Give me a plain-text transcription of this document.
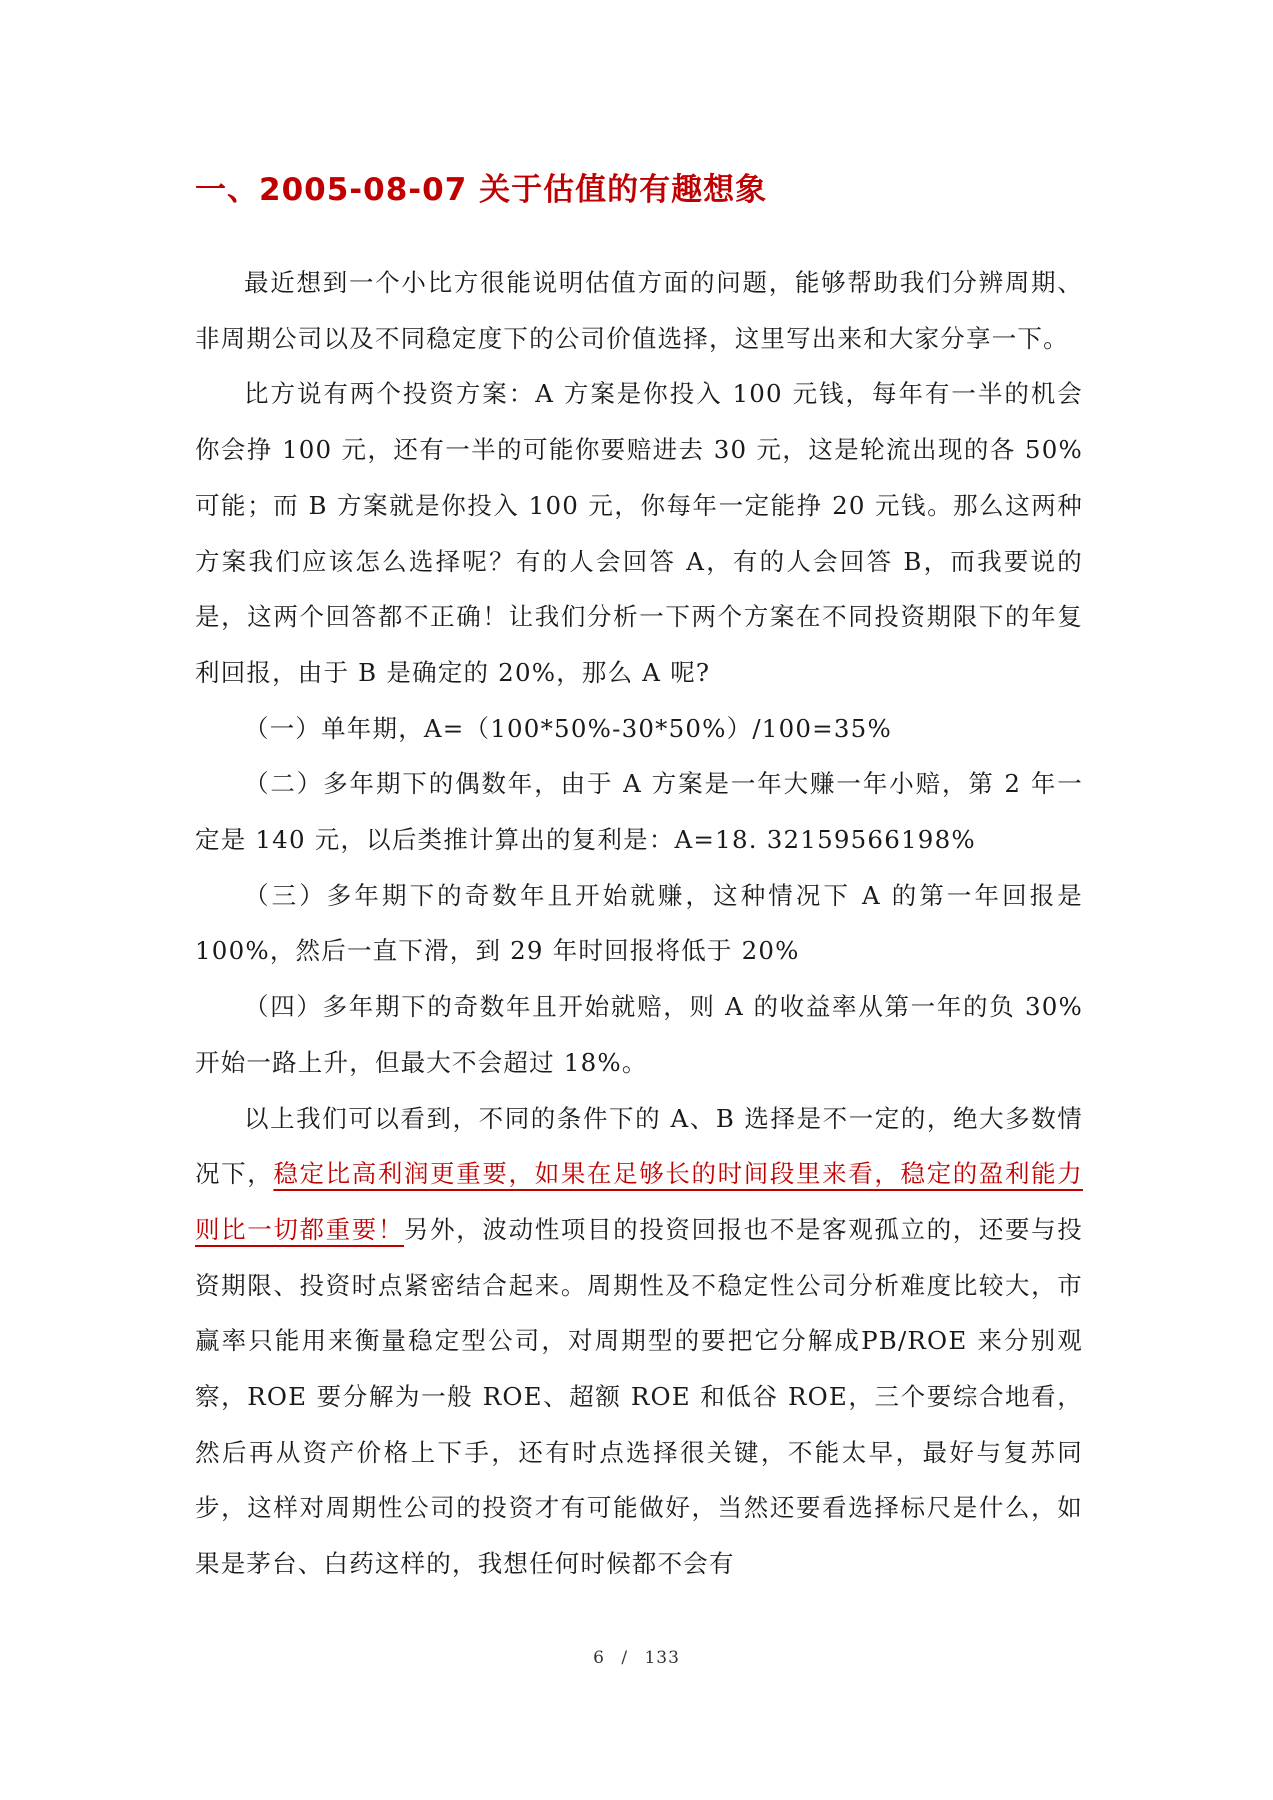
一、2005-08-07 关于估值的有趣想象

最近想到一个小比方很能说明估值方面的问题，能够帮助我们分辨周期、非周期公司以及不同稳定度下的公司价值选择，这里写出来和大家分享一下。

比方说有两个投资方案：A 方案是你投入 100 元钱，每年有一半的机会你会挣 100 元，还有一半的可能你要赔进去 30 元，这是轮流出现的各 50%可能；而 B 方案就是你投入 100 元，你每年一定能挣 20 元钱。那么这两种方案我们应该怎么选择呢？有的人会回答 A，有的人会回答 B，而我要说的是，这两个回答都不正确！让我们分析一下两个方案在不同投资期限下的年复利回报，由于 B 是确定的 20%，那么 A 呢?

（一）单年期，A=（100*50%-30*50%）/100=35%

（二）多年期下的偶数年，由于 A 方案是一年大赚一年小赔，第 2 年一定是 140 元，以后类推计算出的复利是：A=18. 32159566198%

（三）多年期下的奇数年且开始就赚，这种情况下 A 的第一年回报是 100%，然后一直下滑，到 29 年时回报将低于 20%

（四）多年期下的奇数年且开始就赔，则 A 的收益率从第一年的负 30%开始一路上升，但最大不会超过 18%。

以上我们可以看到，不同的条件下的 A、B 选择是不一定的，绝大多数情况下，稳定比高利润更重要，如果在足够长的时间段里来看，稳定的盈利能力则比一切都重要！另外，波动性项目的投资回报也不是客观孤立的，还要与投资期限、投资时点紧密结合起来。周期性及不稳定性公司分析难度比较大，市赢率只能用来衡量稳定型公司，对周期型的要把它分解成PB/ROE 来分别观察，ROE 要分解为一般 ROE、超额 ROE 和低谷 ROE，三个要综合地看，然后再从资产价格上下手，还有时点选择很关键，不能太早，最好与复苏同步，这样对周期性公司的投资才有可能做好，当然还要看选择标尺是什么，如果是茅台、白药这样的，我想任何时候都不会有

6 / 133
